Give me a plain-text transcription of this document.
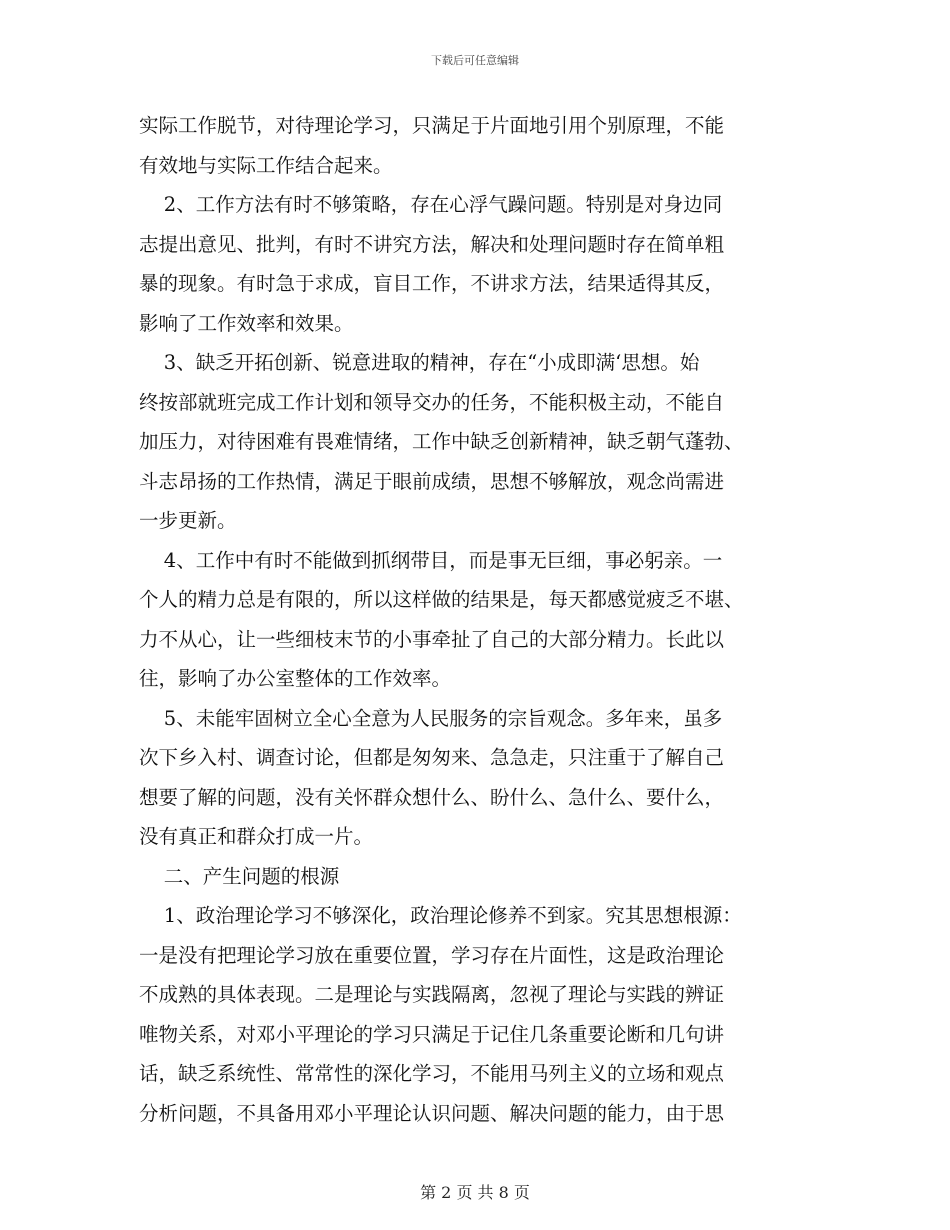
下载后可任意编辑
实际工作脱节，对待理论学习，只满足于片面地引用个别原理，不能
有效地与实际工作结合起来。
2、工作方法有时不够策略，存在心浮气躁问题。特别是对身边同
志提出意见、批判，有时不讲究方法，解决和处理问题时存在简单粗
暴的现象。有时急于求成，盲目工作，不讲求方法，结果适得其反，
影响了工作效率和效果。
3、缺乏开拓创新、锐意进取的精神，存在“小成即满‘思想。始
终按部就班完成工作计划和领导交办的任务，不能积极主动，不能自
加压力，对待困难有畏难情绪，工作中缺乏创新精神，缺乏朝气蓬勃、
斗志昂扬的工作热情，满足于眼前成绩，思想不够解放，观念尚需进
一步更新。
4、工作中有时不能做到抓纲带目，而是事无巨细，事必躬亲。一
个人的精力总是有限的，所以这样做的结果是，每天都感觉疲乏不堪、
力不从心，让一些细枝末节的小事牵扯了自己的大部分精力。长此以
往，影响了办公室整体的工作效率。
5、未能牢固树立全心全意为人民服务的宗旨观念。多年来，虽多
次下乡入村、调查讨论，但都是匆匆来、急急走，只注重于了解自己
想要了解的问题，没有关怀群众想什么、盼什么、急什么、要什么，
没有真正和群众打成一片。
二、产生问题的根源
1、政治理论学习不够深化，政治理论修养不到家。究其思想根源：
一是没有把理论学习放在重要位置，学习存在片面性，这是政治理论
不成熟的具体表现。二是理论与实践隔离，忽视了理论与实践的辨证
唯物关系，对邓小平理论的学习只满足于记住几条重要论断和几句讲
话，缺乏系统性、常常性的深化学习，不能用马列主义的立场和观点
分析问题，不具备用邓小平理论认识问题、解决问题的能力，由于思
第 2 页 共 8 页
